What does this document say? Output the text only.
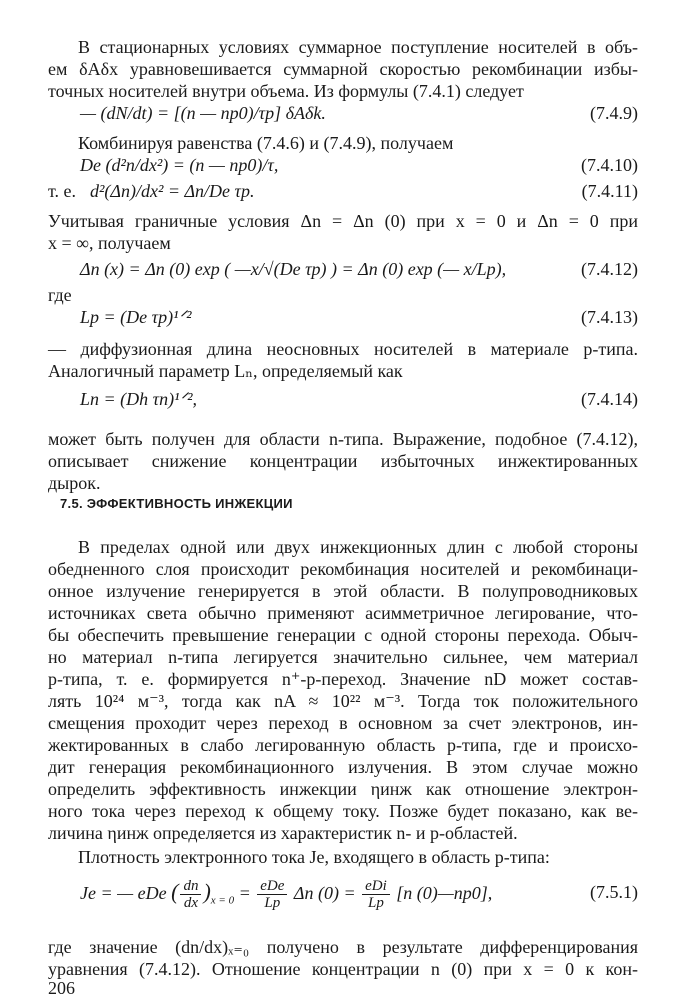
В стационарных условиях суммарное поступление носителей в объ-
ем δAδx уравновешивается суммарной скоростью рекомбинации избы-
точных носителей внутри объема. Из формулы (7.4.1) следует
— (dN/dt) = [(n — np0)/τp] δAδk.	(7.4.9)
Комбинируя равенства (7.4.6) и (7.4.9), получаем
De (d²n/dx²) = (n — np0)/τ,	(7.4.10)
т. е. d²(Δn)/dx² = Δn/De τp.	(7.4.11)
Учитывая граничные условия Δn = Δn (0) при x = 0 и Δn = 0 при
x = ∞, получаем
Δn (x) = Δn (0) exp ( —x/√(De τp) ) = Δn (0) exp (— x/Lp),	(7.4.12)
где
Lp = (De τp)¹ᐟ²	(7.4.13)
— диффузионная длина неосновных носителей в материале p-типа.
Аналогичный параметр Lₙ, определяемый как
Ln = (Dh τn)¹ᐟ²,	(7.4.14)
может быть получен для области n-типа. Выражение, подобное (7.4.12),
описывает снижение концентрации избыточных инжектированных
дырок.
7.5. ЭФФЕКТИВНОСТЬ ИНЖЕКЦИИ
В пределах одной или двух инжекционных длин с любой стороны
обедненного слоя происходит рекомбинация носителей и рекомбинаци-
онное излучение генерируется в этой области. В полупроводниковых
источниках света обычно применяют асимметричное легирование, что-
бы обеспечить превышение генерации с одной стороны перехода. Обыч-
но материал n-типа легируется значительно сильнее, чем материал
p-типа, т. е. формируется n⁺-p-переход. Значение nD может состав-
лять 10²⁴ м⁻³, тогда как nA ≈ 10²² м⁻³. Тогда ток положительного
смещения проходит через переход в основном за счет электронов, ин-
жектированных в слабо легированную область p-типа, где и происхо-
дит генерация рекомбинационного излучения. В этом случае можно
определить эффективность инжекции ηинж как отношение электрон-
ного тока через переход к общему току. Позже будет показано, как ве-
личина ηинж определяется из характеристик n- и p-областей.
Плотность электронного тока Je, входящего в область p-типа:
Je = — eDe ( $\frac{dn}{dx} )_{x = 0} = \frac{\text{eDe}}{Lp}$ Δn $(0) = \frac{\text{eDi}}{Lp} [n$ (0)—np0],	(7.5.1)
где значение (dn/dx)ₓ₌₀ получено в результате дифференцирования
уравнения (7.4.12). Отношение концентрации n (0) при x = 0 к кон-
206
